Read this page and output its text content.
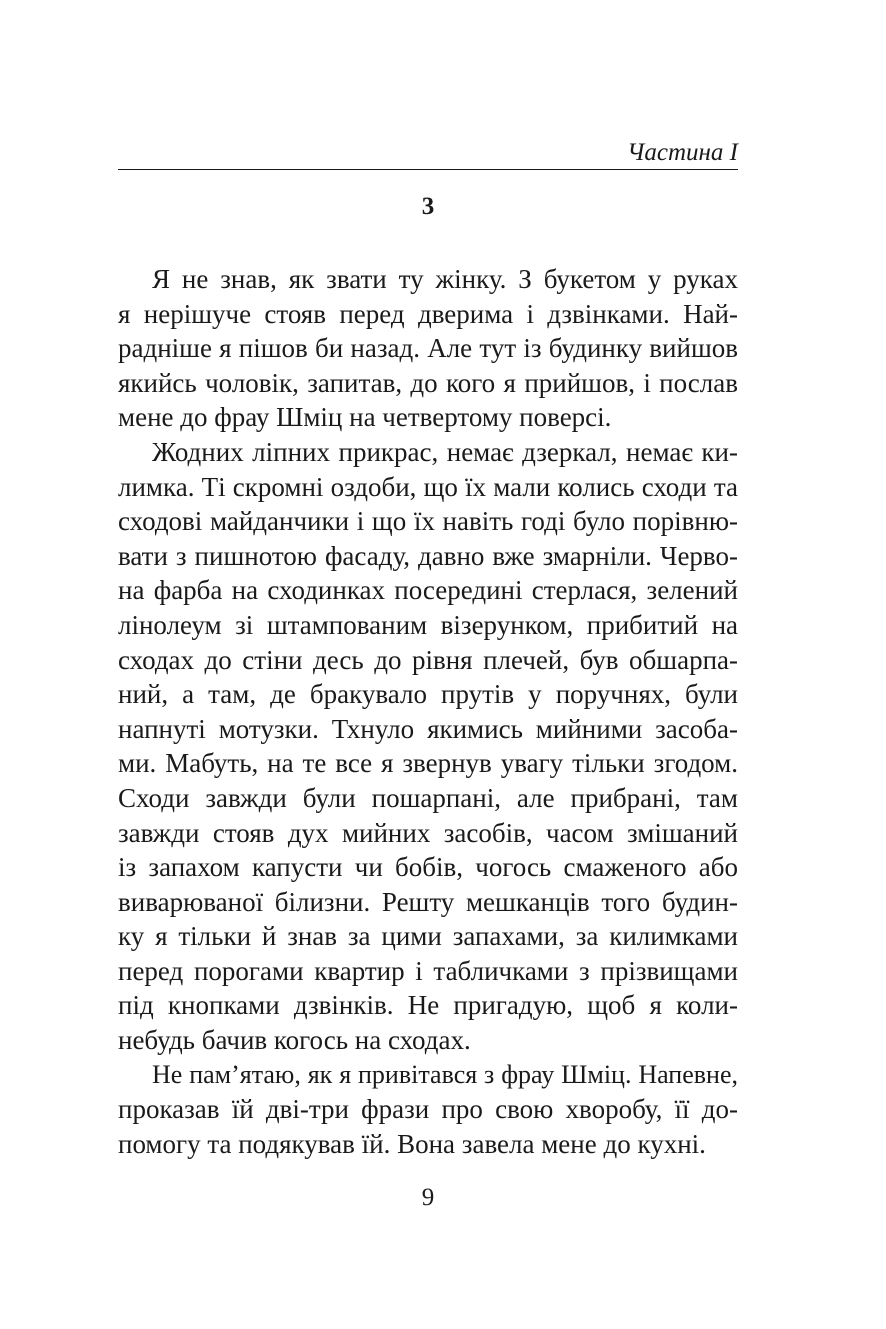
Частина I
3
Я не знав, як звати ту жінку. З букетом у руках
я нерішуче стояв перед дверима і дзвінками. Най-
радніше я пішов би назад. Але тут із будинку вийшов
якийсь чоловік, запитав, до кого я прийшов, і послав
мене до фрау Шміц на четвертому поверсі.
Жодних ліпних прикрас, немає дзеркал, немає ки-
лимка. Ті скромні оздоби, що їх мали колись сходи та
сходові майданчики і що їх навіть годі було порівню-
вати з пишнотою фасаду, давно вже змарніли. Черво-
на фарба на сходинках посередині стерлася, зелений
лінолеум зі штампованим візерунком, прибитий на
сходах до стіни десь до рівня плечей, був обшарпа-
ний, а там, де бракувало прутів у поручнях, були
напнуті мотузки. Тхнуло якимись мийними засоба-
ми. Мабуть, на те все я звернув увагу тільки згодом.
Сходи завжди були пошарпані, але прибрані, там
завжди стояв дух мийних засобів, часом змішаний
із запахом капусти чи бобів, чогось смаженого або
виварюваної білизни. Решту мешканців того будин-
ку я тільки й знав за цими запахами, за килимками
перед порогами квартир і табличками з прізвищами
під кнопками дзвінків. Не пригадую, щоб я коли-
небудь бачив когось на сходах.
Не пам’ятаю, як я привітався з фрау Шміц. Напевне,
проказав їй дві-три фрази про свою хворобу, її до-
помогу та подякував їй. Вона завела мене до кухні.
9
